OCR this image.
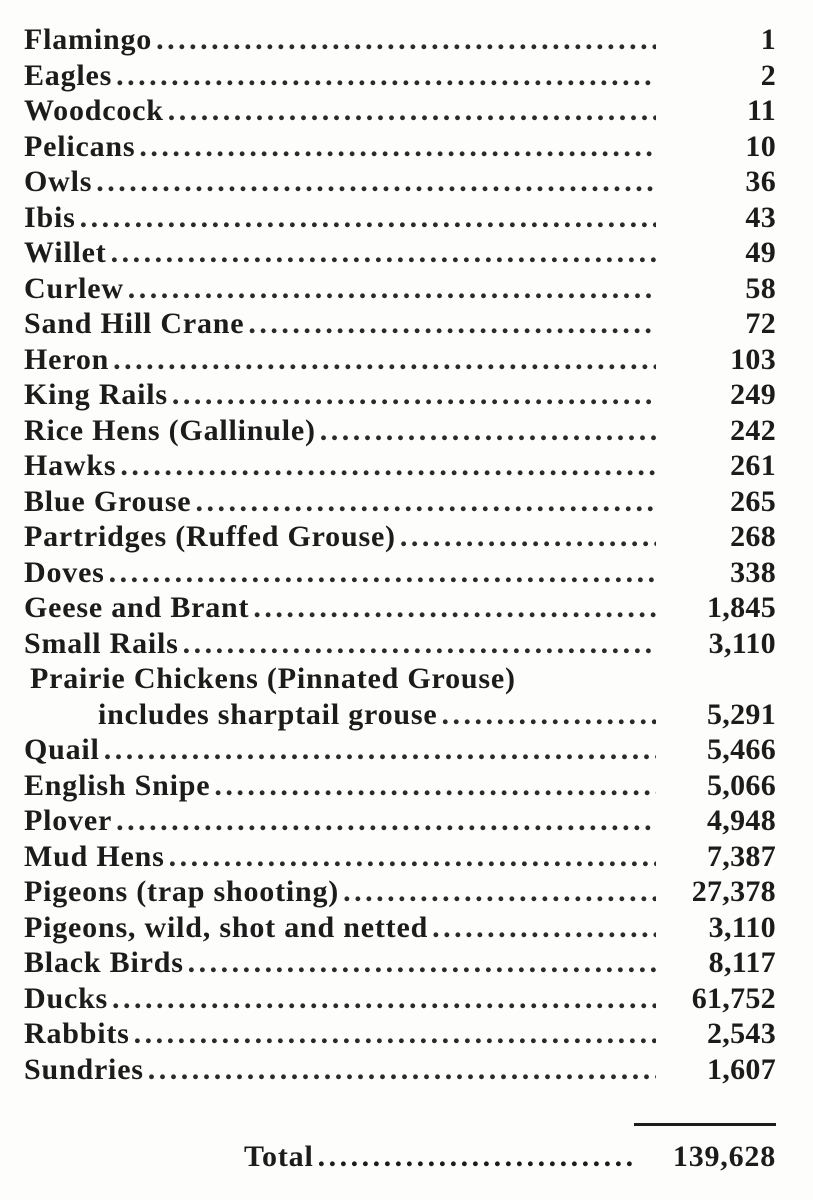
Flamingo . . .	1
Eagles . . .	2
Woodcock . . .	11
Pelicans . . .	10
Owls . . .	36
Ibis . . .	43
Willet . . .	49
Curlew . . .	58
Sand Hill Crane . . .	72
Heron . . .	103
King Rails . . .	249
Rice Hens (Gallinule) . . .	242
Hawks . . .	261
Blue Grouse . . .	265
Partridges (Ruffed Grouse) . . .	268
Doves . . .	338
Geese and Brant . . .	1,845
Small Rails . . .	3,110
Prairie Chickens (Pinnated Grouse)
includes sharptail grouse . . .	5,291
Quail . . .	5,466
English Snipe . . .	5,066
Plover . . .	4,948
Mud Hens . . .	7,387
Pigeons (trap shooting) . . .	27,378
Pigeons, wild, shot and netted . . .	3,110
Black Birds . . .	8,117
Ducks . . .	61,752
Rabbits . . .	2,543
Sundries . . .	1,607
Total . . .	139,628
